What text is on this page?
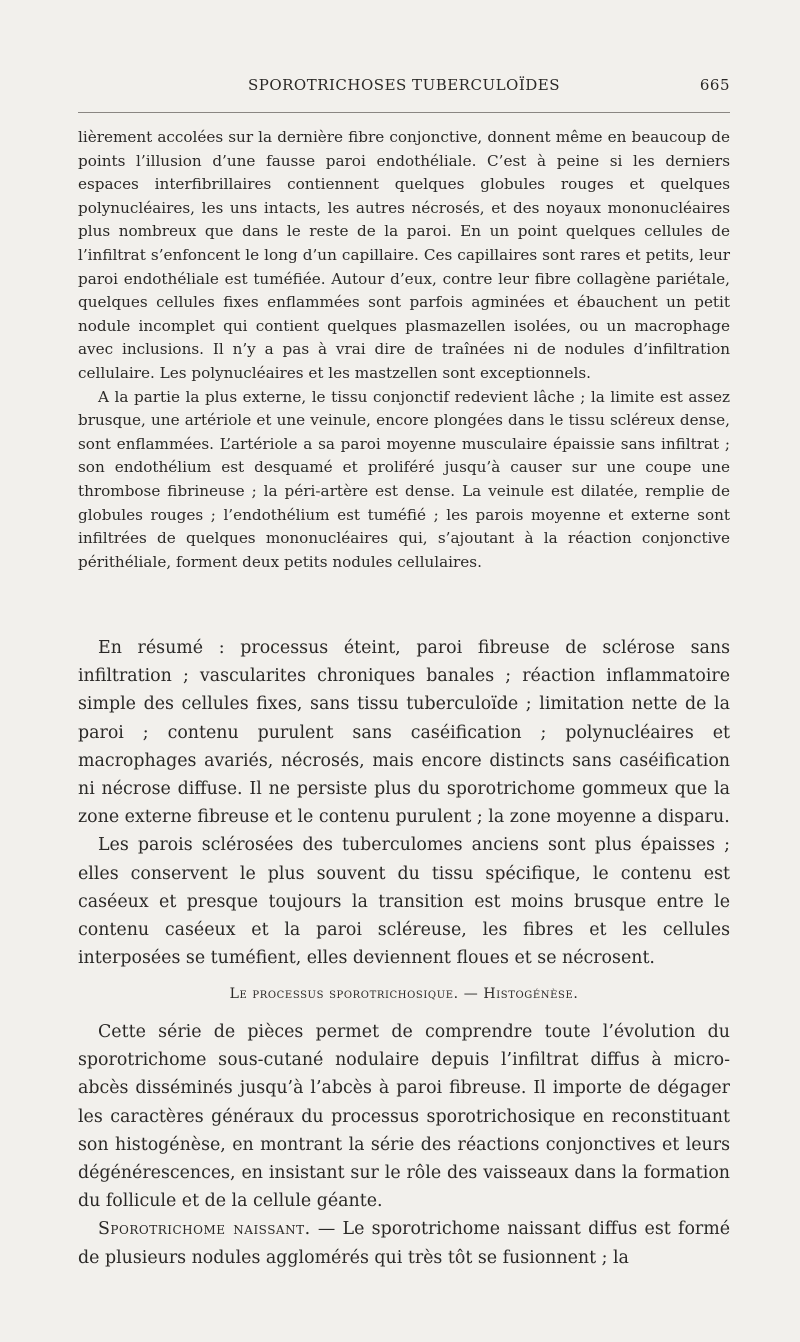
SPOROTRICHOSES TUBERCULOÏDES	665

lièrement accolées sur la dernière fibre conjonctive, donnent même en beaucoup de points l’illusion d’une fausse paroi endothéliale. C’est à peine si les derniers espaces interfibrillaires contiennent quelques globules rouges et quelques polynucléaires, les uns intacts, les autres nécrosés, et des noyaux mononucléaires plus nombreux que dans le reste de la paroi. En un point quelques cellules de l’infiltrat s’enfoncent le long d’un capillaire. Ces capillaires sont rares et petits, leur paroi endothéliale est tuméfiée. Autour d’eux, contre leur fibre collagène pariétale, quelques cellules fixes enflammées sont parfois agminées et ébauchent un petit nodule incomplet qui contient quelques plasmazellen isolées, ou un macrophage avec inclusions. Il n’y a pas à vrai dire de traînées ni de nodules d’infiltration cellulaire. Les polynucléaires et les mastzellen sont exceptionnels.

A la partie la plus externe, le tissu conjonctif redevient lâche ; la limite est assez brusque, une artériole et une veinule, encore plongées dans le tissu scléreux dense, sont enflammées. L’artériole a sa paroi moyenne musculaire épaissie sans infiltrat ; son endothélium est desquamé et proliféré jusqu’à causer sur une coupe une thrombose fibrineuse ; la péri-artère est dense. La veinule est dilatée, remplie de globules rouges ; l’endothélium est tuméfié ; les parois moyenne et externe sont infiltrées de quelques mononucléaires qui, s’ajoutant à la réaction conjonctive périthéliale, forment deux petits nodules cellulaires.

En résumé : processus éteint, paroi fibreuse de sclérose sans infiltration ; vascularites chroniques banales ; réaction inflammatoire simple des cellules fixes, sans tissu tuberculoïde ; limitation nette de la paroi ; contenu purulent sans caséification ; polynucléaires et macrophages avariés, nécrosés, mais encore distincts sans caséification ni nécrose diffuse. Il ne persiste plus du sporotrichome gommeux que la zone externe fibreuse et le contenu purulent ; la zone moyenne a disparu.

Les parois sclérosées des tuberculomes anciens sont plus épaisses ; elles conservent le plus souvent du tissu spécifique, le contenu est caséeux et presque toujours la transition est moins brusque entre le contenu caséeux et la paroi scléreuse, les fibres et les cellules interposées se tuméfient, elles deviennent floues et se nécrosent.

Le processus sporotrichosique. — Histogénèse.

Cette série de pièces permet de comprendre toute l’évolution du sporotrichome sous-cutané nodulaire depuis l’infiltrat diffus à micro-abcès disséminés jusqu’à l’abcès à paroi fibreuse. Il importe de dégager les caractères généraux du processus sporotrichosique en reconstituant son histogénèse, en montrant la série des réactions conjonctives et leurs dégénérescences, en insistant sur le rôle des vaisseaux dans la formation du follicule et de la cellule géante.

Sporotrichome naissant. — Le sporotrichome naissant diffus est formé de plusieurs nodules agglomérés qui très tôt se fusionnent ; la
